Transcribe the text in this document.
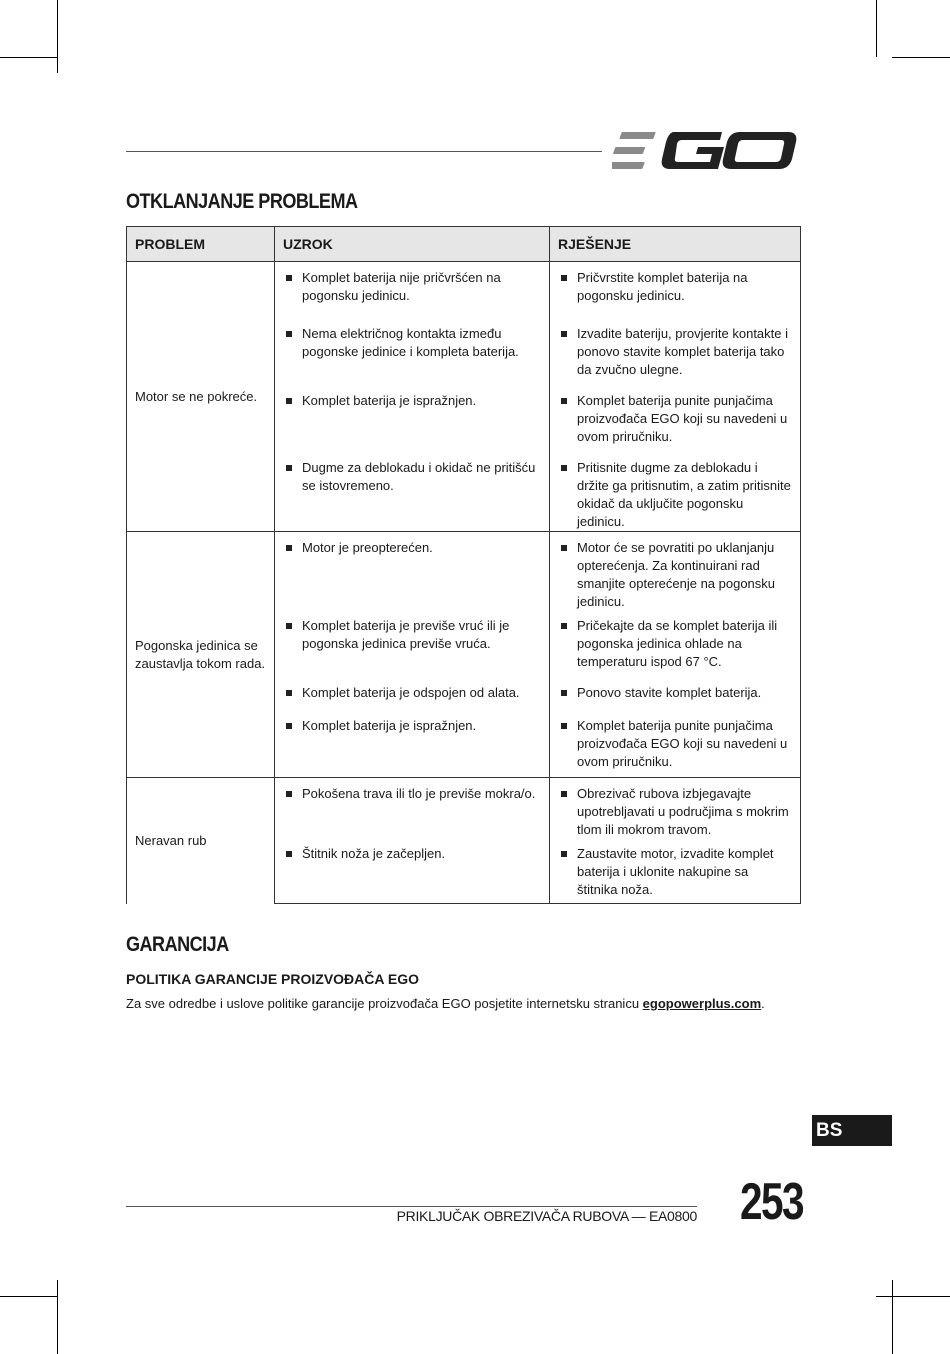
OTKLANJANJE PROBLEMA
PROBLEM	UZROK	RJEŠENJE
Motor se ne pokreće.	Komplet baterija nije pričvršćen na pogonsku jedinicu.	Pričvrstite komplet baterija na pogonsku jedinicu.

	Nema električnog kontakta između pogonske jedinice i kompleta baterija.	Izvadite bateriju, provjerite kontakte i ponovo stavite komplet baterija tako da zvučno ulegne.

	Komplet baterija je ispražnjen.	Komplet baterija punite punjačima proizvođača EGO koji su navedeni u ovom priručniku.

	Dugme za deblokadu i okidač ne pritišću se istovremeno.	Pritisnite dugme za deblokadu i držite ga pritisnutim, a zatim pritisnite okidač da uključite pogonsku jedinicu.

Pogonska jedinica se zaustavlja tokom rada.	Motor je preopterećen.	Motor će se povratiti po uklanjanju opterećenja. Za kontinuirani rad smanjite opterećenje na pogonsku jedinicu.

	Komplet baterija je previše vruć ili je pogonska jedinica previše vruća.	Pričekajte da se komplet baterija ili pogonska jedinica ohlade na temperaturu ispod 67 °C.

	Komplet baterija je odspojen od alata.	Ponovo stavite komplet baterija.

	Komplet baterija je ispražnjen.	Komplet baterija punite punjačima proizvođača EGO koji su navedeni u ovom priručniku.

Neravan rub	Pokošena trava ili tlo je previše mokra/o.	Obrezivač rubova izbjegavajte upotrebljavati u područjima s mokrim tlom ili mokrom travom.

	Štitnik noža je začepljen.	Zaustavite motor, izvadite komplet baterija i uklonite nakupine sa štitnika noža.
GARANCIJA
POLITIKA GARANCIJE PROIZVOĐAČA EGO

Za sve odredbe i uslove politike garancije proizvođača EGO posjetite internetsku stranicu egopowerplus.com.

BS
PRIKLJUČAK OBREZIVAČA RUBOVA — EA0800 253
